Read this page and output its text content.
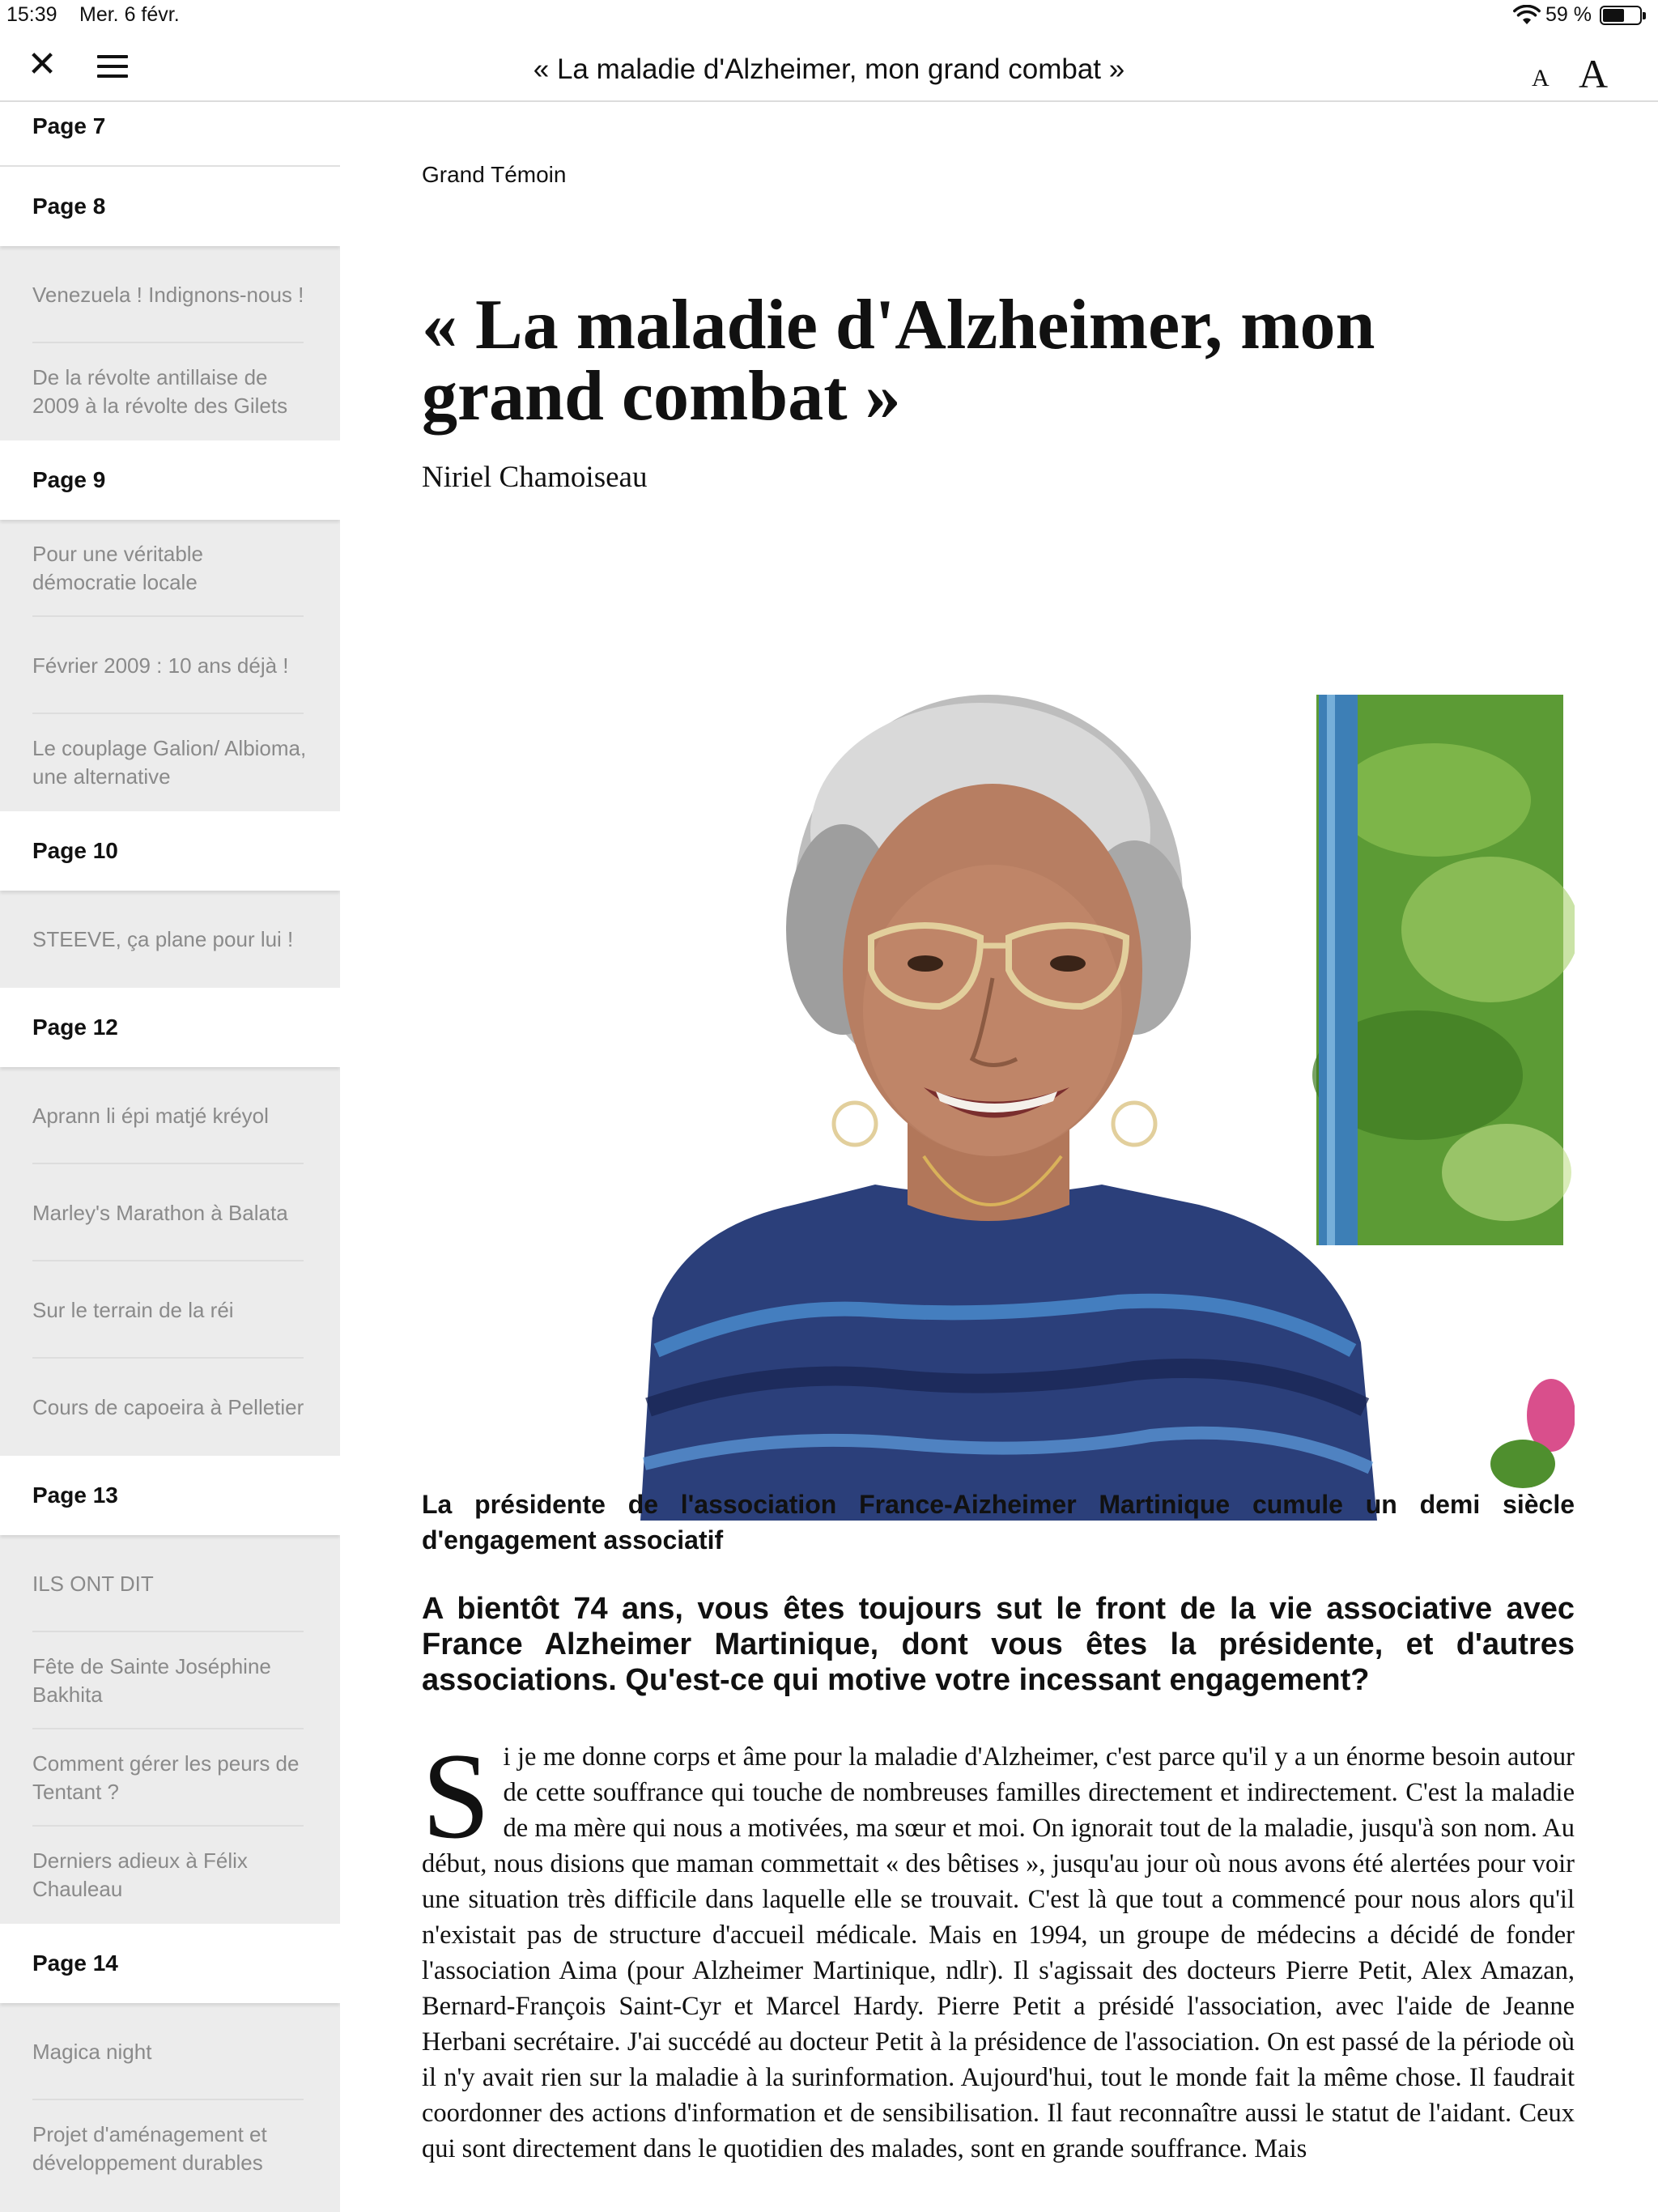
15:39 Mer. 6 févr.	59 %
✕	« La maladie d'Alzheimer, mon grand combat »	A A
Page 7
Page 8
Venezuela ! Indignons-nous !
De la révolte antillaise de 2009 à la révolte des Gilets
Page 9
Pour une véritable démocratie locale
Février 2009 : 10 ans déjà !
Le couplage Galion/ Albioma, une alternative
Page 10
STEEVE, ça plane pour lui !
Page 12
Aprann li épi matjé kréyol
Marley's Marathon à Balata
Sur le terrain de la réi
Cours de capoeira à Pelletier
Page 13
ILS ONT DIT
Fête de Sainte Joséphine Bakhita
Comment gérer les peurs de Tentant ?
Derniers adieux à Félix Chauleau
Page 14
Magica night
Projet d'aménagement et développement durables
Grand Témoin
« La maladie d'Alzheimer, mon grand combat »
Niriel Chamoiseau
La présidente de l'association France-Aizheimer Martinique cumule un demi siècle d'engagement associatif
A bientôt 74 ans, vous êtes toujours sut le front de la vie associative avec France Alzheimer Martinique, dont vous êtes la présidente, et d'autres associations. Qu'est-ce qui motive votre incessant engagement?
S i je me donne corps et âme pour la maladie d'Alzheimer, c'est parce qu'il y a un énorme besoin autour de cette souffrance qui touche de nombreuses familles directement et indirectement. C'est la maladie de ma mère qui nous a motivées, ma sœur et moi. On ignorait tout de la maladie, jusqu'à son nom. Au début, nous disions que maman commettait « des bêtises », jusqu'au jour où nous avons été alertées pour voir une situation très difficile dans laquelle elle se trouvait. C'est là que tout a commencé pour nous alors qu'il n'existait pas de structure d'accueil médicale. Mais en 1994, un groupe de médecins a décidé de fonder l'association Aima (pour Alzheimer Martinique, ndlr). Il s'agissait des docteurs Pierre Petit, Alex Amazan, Bernard-François Saint-Cyr et Marcel Hardy. Pierre Petit a présidé l'association, avec l'aide de Jeanne Herbani secrétaire. J'ai succédé au docteur Petit à la présidence de l'association. On est passé de la période où il n'y avait rien sur la maladie à la surinformation. Aujourd'hui, tout le monde fait la même chose. Il faudrait coordonner des actions d'information et de sensibilisation. Il faut reconnaître aussi le statut de l'aidant. Ceux qui sont directement dans le quotidien des malades, sont en grande souffrance. Mais
